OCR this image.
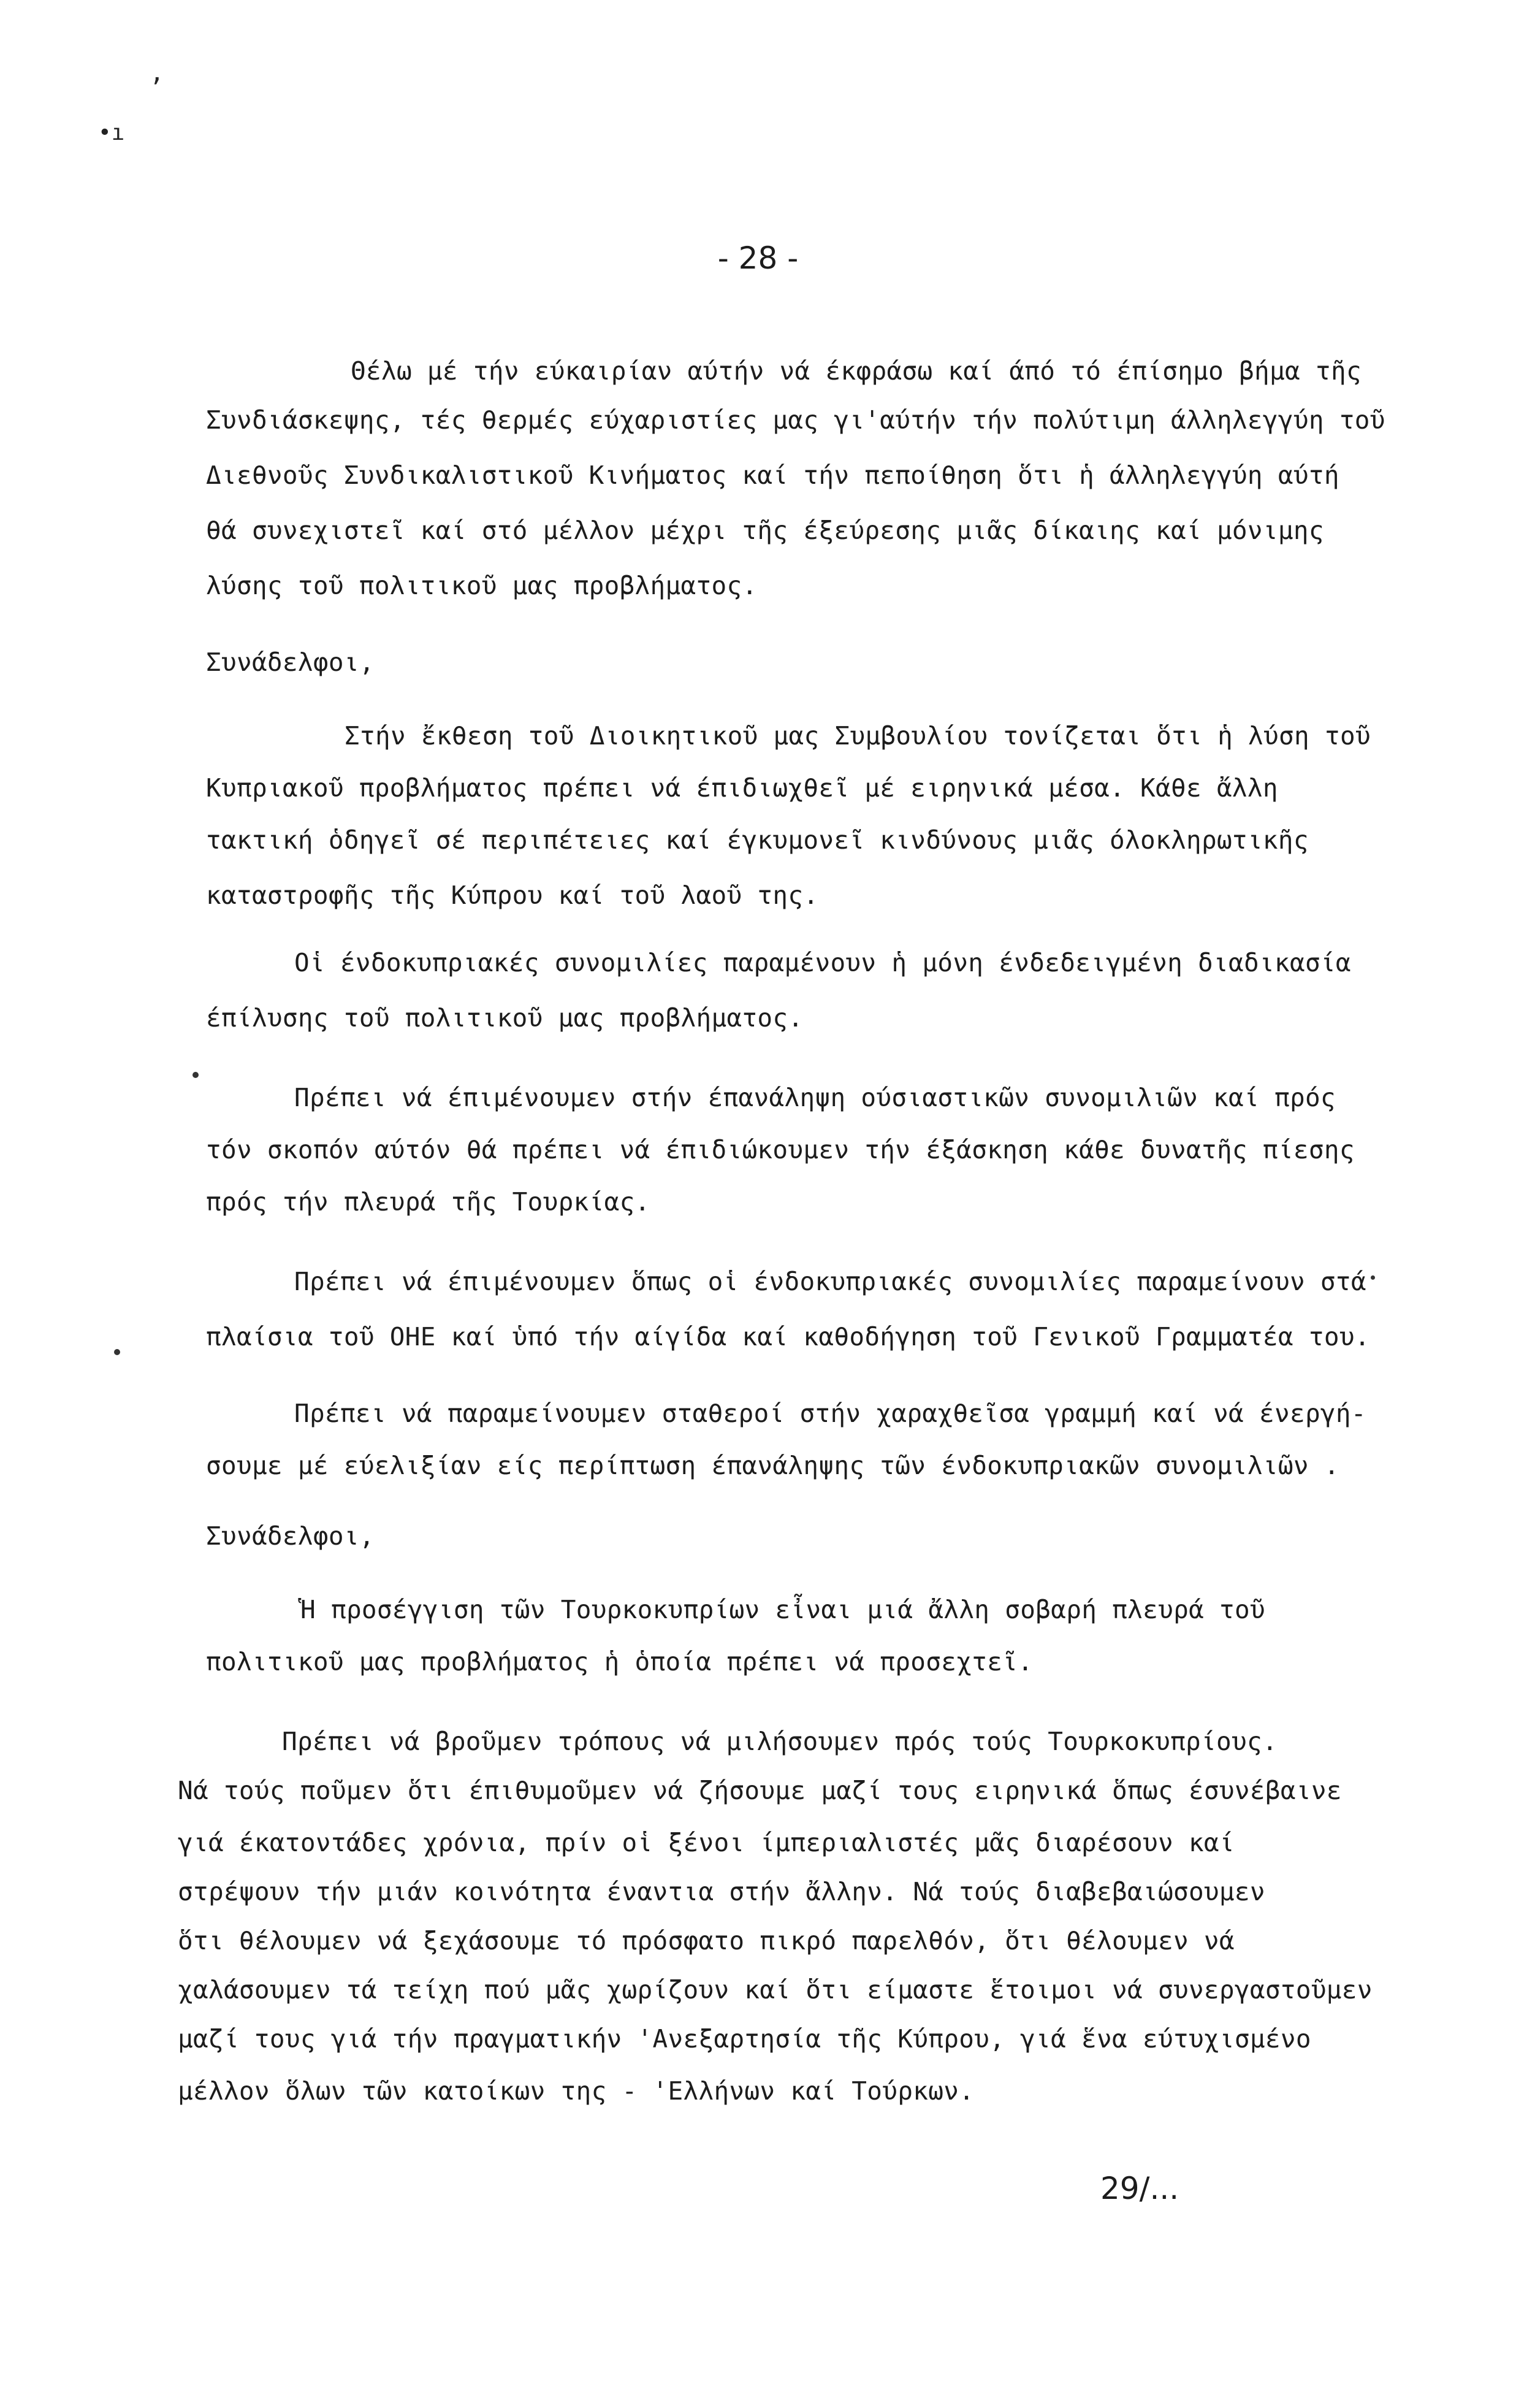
,
•ı
- 28 -
Θέλω μέ τήν εύκαιρίαν αύτήν νά έκφράσω καί άπό τό έπίσημο βήμα τῆς
Συνδιάσκεψης, τές θερμές εύχαριστίες μας γι'αύτήν τήν πολύτιμη άλληλεγγύη τοῦ
Διεθνοῦς Συνδικαλιστικοῦ Κινήματος καί τήν πεποίθηση ὅτι ἡ άλληλεγγύη αύτή
θά συνεχιστεῖ καί στό μέλλον μέχρι τῆς έξεύρεσης μιᾶς δίκαιης καί μόνιμης
λύσης τοῦ πολιτικοῦ μας προβλήματος.
Συνάδελφοι,
Στήν ἔκθεση τοῦ Διοικητικοῦ μας Συμβουλίου τονίζεται ὅτι ἡ λύση τοῦ
Κυπριακοῦ προβλήματος πρέπει νά έπιδιωχθεῖ μέ ειρηνικά μέσα. Κάθε ἄλλη
τακτική ὁδηγεῖ σέ περιπέτειες καί έγκυμονεῖ κινδύνους μιᾶς όλοκληρωτικῆς
καταστροφῆς τῆς Κύπρου καί τοῦ λαοῦ της.
Οἱ ένδοκυπριακές συνομιλίες παραμένουν ἡ μόνη ένδεδειγμένη διαδικασία
έπίλυσης τοῦ πολιτικοῦ μας προβλήματος.
Πρέπει νά έπιμένουμεν στήν έπανάληψη ούσιαστικῶν συνομιλιῶν καί πρός
τόν σκοπόν αύτόν θά πρέπει νά έπιδιώκουμεν τήν έξάσκηση κάθε δυνατῆς πίεσης
πρός τήν πλευρά τῆς Τουρκίας.
Πρέπει νά έπιμένουμεν ὅπως οἱ ένδοκυπριακές συνομιλίες παραμείνουν στά
πλαίσια τοῦ ΟΗΕ καί ὑπό τήν αίγίδα καί καθοδήγηση τοῦ Γενικοῦ Γραμματέα του.
Πρέπει νά παραμείνουμεν σταθεροί στήν χαραχθεῖσα γραμμή καί νά ένεργή-
σουμε μέ εύελιξίαν είς περίπτωση έπανάληψης τῶν ένδοκυπριακῶν συνομιλιῶν .
Συνάδελφοι,
Ἡ προσέγγιση τῶν Τουρκοκυπρίων εἶναι μιά ἄλλη σοβαρή πλευρά τοῦ
πολιτικοῦ μας προβλήματος ἡ ὁποία πρέπει νά προσεχτεῖ.
Πρέπει νά βροῦμεν τρόπους νά μιλήσουμεν πρός τούς Τουρκοκυπρίους.
Νά τούς ποῦμεν ὅτι έπιθυμοῦμεν νά ζήσουμε μαζί τους ειρηνικά ὅπως έσυνέβαινε
γιά έκατοντάδες χρόνια, πρίν οἱ ξένοι ίμπεριαλιστές μᾶς διαρέσουν καί
στρέψουν τήν μιάν κοινότητα έναντια στήν ἄλλην. Νά τούς διαβεβαιώσουμεν
ὅτι θέλουμεν νά ξεχάσουμε τό πρόσφατο πικρό παρελθόν, ὅτι θέλουμεν νά
χαλάσουμεν τά τείχη πού μᾶς χωρίζουν καί ὅτι είμαστε ἕτοιμοι νά συνεργαστοῦμεν
μαζί τους γιά τήν πραγματικήν 'Ανεξαρτησία τῆς Κύπρου, γιά ἕνα εύτυχισμένο
μέλλον ὅλων τῶν κατοίκων της - 'Ελλήνων καί Τούρκων.
29/...
